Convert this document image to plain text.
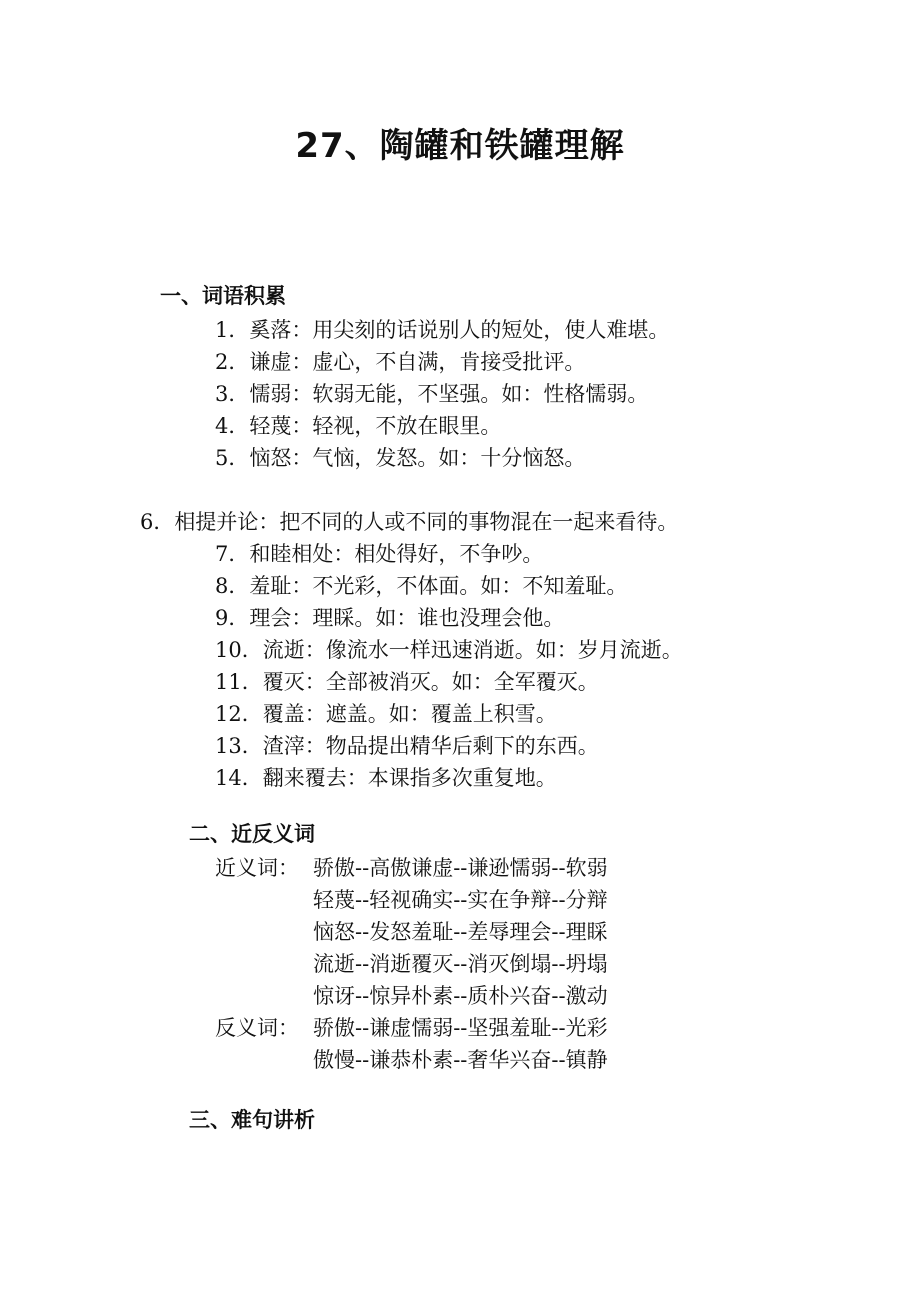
27、陶罐和铁罐理解
一、词语积累

1．奚落：用尖刻的话说别人的短处，使人难堪。

2．谦虚：虚心，不自满，肯接受批评。

3．懦弱：软弱无能，不坚强。如：性格懦弱。

4．轻蔑：轻视，不放在眼里。

5．恼怒：气恼，发怒。如：十分恼怒。

6．相提并论：把不同的人或不同的事物混在一起来看待。

7．和睦相处：相处得好，不争吵。

8．羞耻：不光彩，不体面。如：不知羞耻。

9．理会：理睬。如：谁也没理会他。

10．流逝：像流水一样迅速消逝。如：岁月流逝。

11．覆灭：全部被消灭。如：全军覆灭。

12．覆盖：遮盖。如：覆盖上积雪。

13．渣滓：物品提出精华后剩下的东西。

14．翻来覆去：本课指多次重复地。

二、近反义词
近义词： 骄傲--高傲谦虚--谦逊懦弱--软弱
轻蔑--轻视确实--实在争辩--分辩
恼怒--发怒羞耻--差辱理会--理睬
流逝--消逝覆灭--消灭倒塌--坍塌
惊讶--惊异朴素--质朴兴奋--激动
反义词： 骄傲--谦虚懦弱--坚强羞耻--光彩
傲慢--谦恭朴素--奢华兴奋--镇静
三、难句讲析
